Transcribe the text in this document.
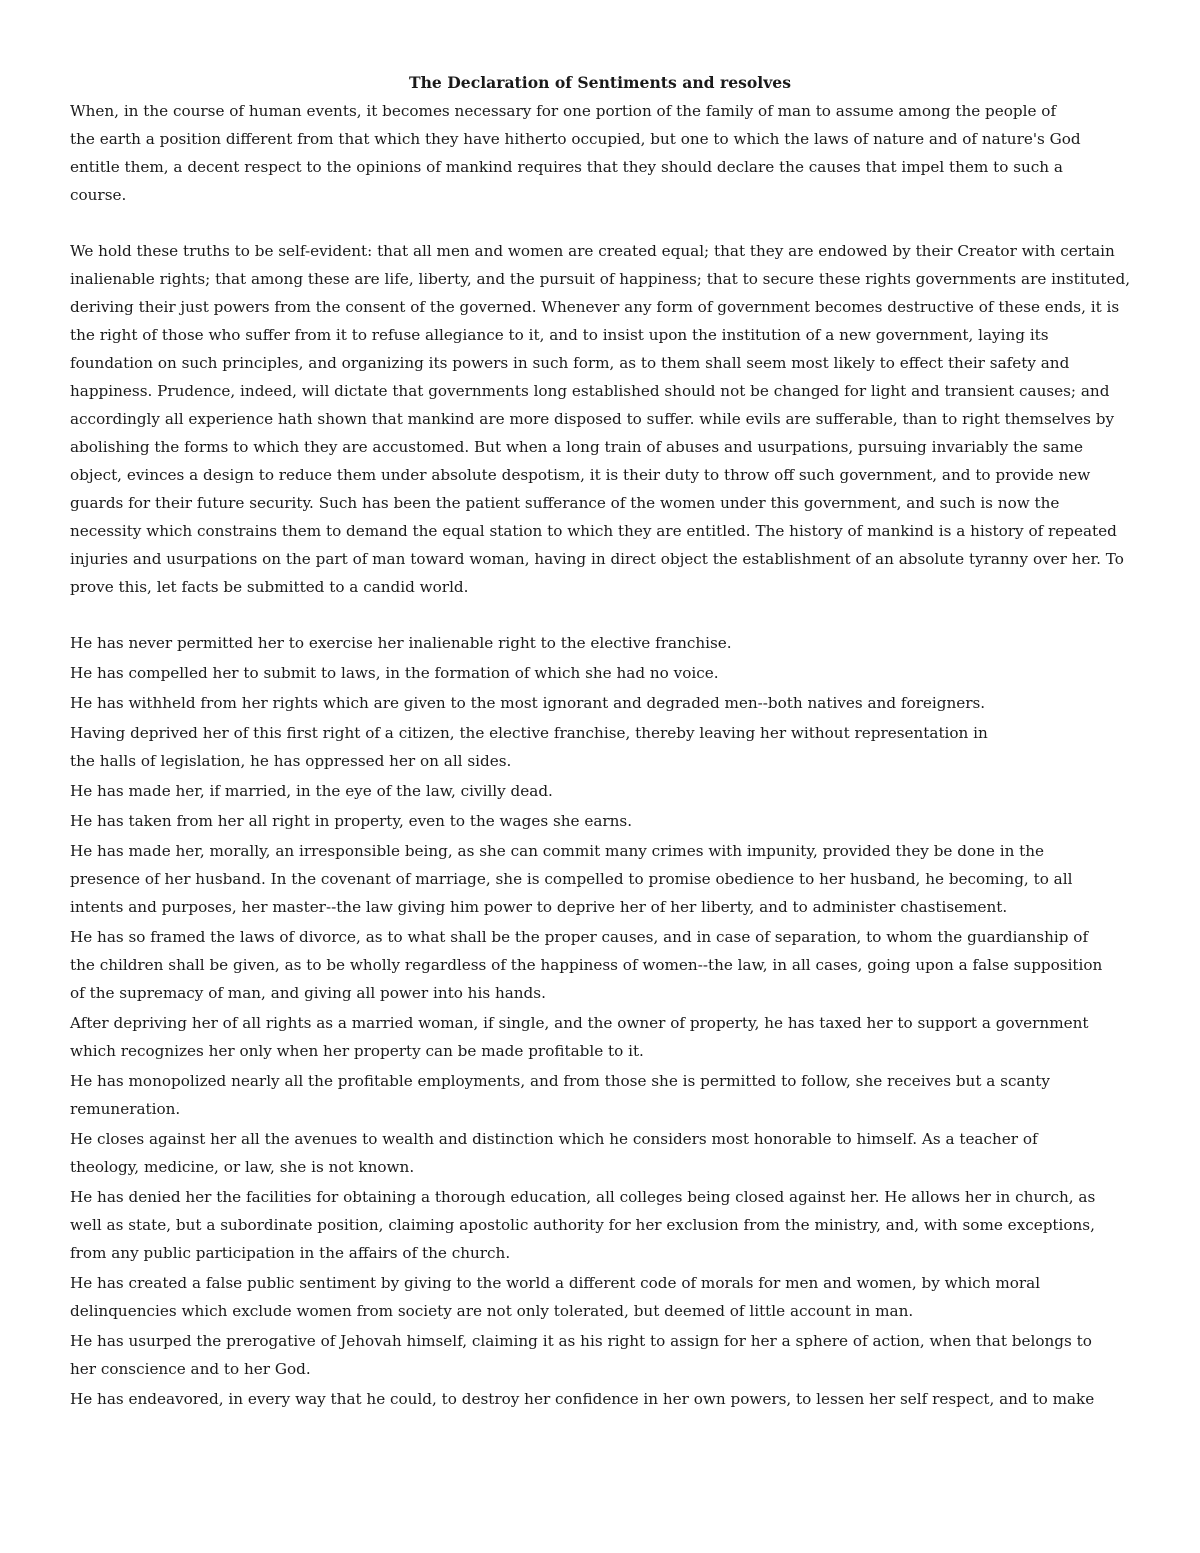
The Declaration of Sentiments and resolves
When, in the course of human events, it becomes necessary for one portion of the family of man to assume among the people of
the earth a position different from that which they have hitherto occupied, but one to which the laws of nature and of nature's God
entitle them, a decent respect to the opinions of mankind requires that they should declare the causes that impel them to such a
course.
We hold these truths to be self-evident: that all men and women are created equal; that they are endowed by their Creator with certain
inalienable rights; that among these are life, liberty, and the pursuit of happiness; that to secure these rights governments are instituted,
deriving their just powers from the consent of the governed. Whenever any form of government becomes destructive of these ends, it is
the right of those who suffer from it to refuse allegiance to it, and to insist upon the institution of a new government, laying its
foundation on such principles, and organizing its powers in such form, as to them shall seem most likely to effect their safety and
happiness. Prudence, indeed, will dictate that governments long established should not be changed for light and transient causes; and
accordingly all experience hath shown that mankind are more disposed to suffer. while evils are sufferable, than to right themselves by
abolishing the forms to which they are accustomed. But when a long train of abuses and usurpations, pursuing invariably the same
object, evinces a design to reduce them under absolute despotism, it is their duty to throw off such government, and to provide new
guards for their future security. Such has been the patient sufferance of the women under this government, and such is now the
necessity which constrains them to demand the equal station to which they are entitled. The history of mankind is a history of repeated
injuries and usurpations on the part of man toward woman, having in direct object the establishment of an absolute tyranny over her. To
prove this, let facts be submitted to a candid world.
He has never permitted her to exercise her inalienable right to the elective franchise.
He has compelled her to submit to laws, in the formation of which she had no voice.
He has withheld from her rights which are given to the most ignorant and degraded men--both natives and foreigners.
Having deprived her of this first right of a citizen, the elective franchise, thereby leaving her without representation in
the halls of legislation, he has oppressed her on all sides.
He has made her, if married, in the eye of the law, civilly dead.
He has taken from her all right in property, even to the wages she earns.
He has made her, morally, an irresponsible being, as she can commit many crimes with impunity, provided they be done in the
presence of her husband. In the covenant of marriage, she is compelled to promise obedience to her husband, he becoming, to all
intents and purposes, her master--the law giving him power to deprive her of her liberty, and to administer chastisement.
He has so framed the laws of divorce, as to what shall be the proper causes, and in case of separation, to whom the guardianship of
the children shall be given, as to be wholly regardless of the happiness of women--the law, in all cases, going upon a false supposition
of the supremacy of man, and giving all power into his hands.
After depriving her of all rights as a married woman, if single, and the owner of property, he has taxed her to support a government
which recognizes her only when her property can be made profitable to it.
He has monopolized nearly all the profitable employments, and from those she is permitted to follow, she receives but a scanty
remuneration.
He closes against her all the avenues to wealth and distinction which he considers most honorable to himself. As a teacher of
theology, medicine, or law, she is not known.
He has denied her the facilities for obtaining a thorough education, all colleges being closed against her. He allows her in church, as
well as state, but a subordinate position, claiming apostolic authority for her exclusion from the ministry, and, with some exceptions,
from any public participation in the affairs of the church.
He has created a false public sentiment by giving to the world a different code of morals for men and women, by which moral
delinquencies which exclude women from society are not only tolerated, but deemed of little account in man.
He has usurped the prerogative of Jehovah himself, claiming it as his right to assign for her a sphere of action, when that belongs to
her conscience and to her God.
He has endeavored, in every way that he could, to destroy her confidence in her own powers, to lessen her self respect, and to make
